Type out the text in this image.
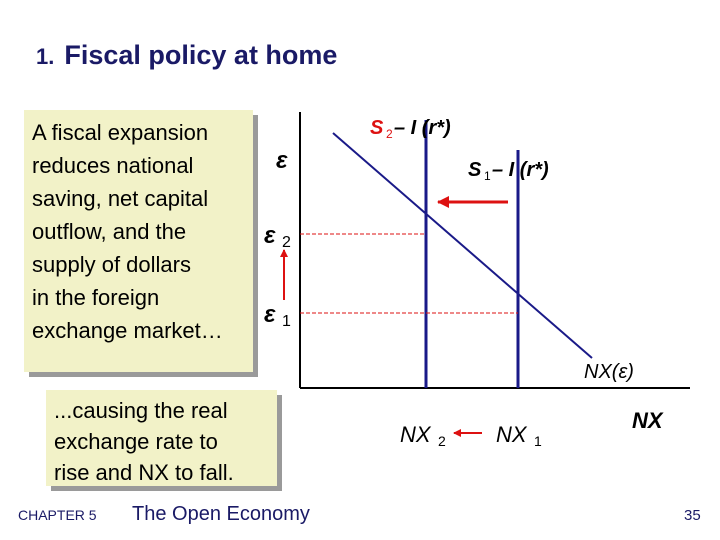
1. Fiscal policy at home
A fiscal expansion
reduces national
saving, net capital
outflow, and the
supply of dollars
in the foreign
exchange market…
...causing the real
exchange rate to
rise and NX to fall.
ε
ε 2
ε 1
S 2 – I (r*)
S 1 – I (r*)
NX(ε)
NX
NX 2 NX 1
CHAPTER 5 The Open Economy	35
